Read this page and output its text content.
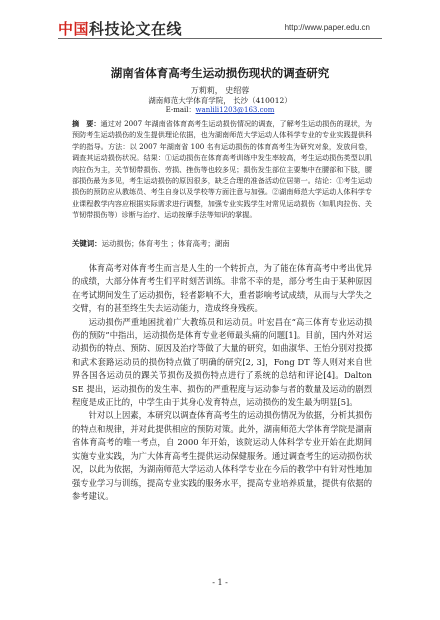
中国科技论文在线	http://www.paper.edu.cn
湖南省体育高考生运动损伤现状的调查研究
万莉莉， 史绍蓉
湖南师范大学体育学院， 长沙（410012）
E-mail：wanlili1203@163.com
摘　要：通过对 2007 年湖南省体育高考生运动损伤情况的调查，了解考生运动损伤的现状，为预防考生运动损伤的发生提供理论依据，也为湖南师范大学运动人体科学专业的专业实践提供科学的指导。方法：以 2007 年湖南省 100 名有运动损伤的体育高考生为研究对象，发放问卷，调查其运动损伤状况。结果：①运动损伤在体育高考训练中发生率较高，考生运动损伤类型以肌肉拉伤为主，关节韧带损伤、劳损、挫伤等也较多见；损伤发生部位主要集中在腰部和下肢，腰部损伤最为多见，考生运动损伤的原因很多，缺乏合理的准备活动位居第一。结论：①考生运动损伤的预防应从教练员、考生自身以及学校等方面注意与加强。②湖南师范大学运动人体科学专业课程教学内容应根据实际需求进行调整，加强专业实践学生对常见运动损伤（如肌肉拉伤、关节韧带损伤等）诊断与治疗、运动按摩手法等知识的掌握。
关键词：运动损伤；体育考生 ；体育高考；湖南

体育高考对体育考生而言是人生的一个转折点，为了能在体育高考中考出优异的成绩，大部分体育考生们平时刻苦训练。非常不幸的是，部分考生由于某种原因在考试期间发生了运动损伤，轻者影响不大，重者影响考试成绩，从而与大学失之交臂，有的甚至终生失去运动能力，造成终身残疾。

运动损伤严重地困扰着广大教练员和运动员。叶宏昌在“高三体育专业运动损伤的预防”中指出，运动损伤是体育专业老师最头痛的问题[1]。目前，国内外对运动损伤的特点、预防、原因及治疗等做了大量的研究，如曲淑华、王怡分别对投掷和武术套路运动员的损伤特点做了明确的研究[2, 3]，Fong DT 等人则对来自世界各国各运动员的踝关节损伤及损伤特点进行了系统的总结和评论[4]。Dalton SE 提出，运动损伤的发生率、损伤的严重程度与运动参与者的数量及运动的剧烈程度是成正比的，中学生由于其身心发育特点，运动损伤的发生最为明显[5]。

针对以上因素，本研究以调查体育高考生的运动损伤情况为依据，分析其损伤的特点和规律，并对此提供相应的预防对策。此外，湖南师范大学体育学院是湖南省体育高考的唯一考点，自 2000 年开始，该院运动人体科学专业开始在此期间实施专业实践，为广大体育高考生提供运动保健服务。通过调查考生的运动损伤状况，以此为依据，为湖南师范大学运动人体科学专业在今后的教学中有针对性地加强专业学习与训练，提高专业实践的服务水平，提高专业培养质量，提供有依据的参考建议。

- 1 -
